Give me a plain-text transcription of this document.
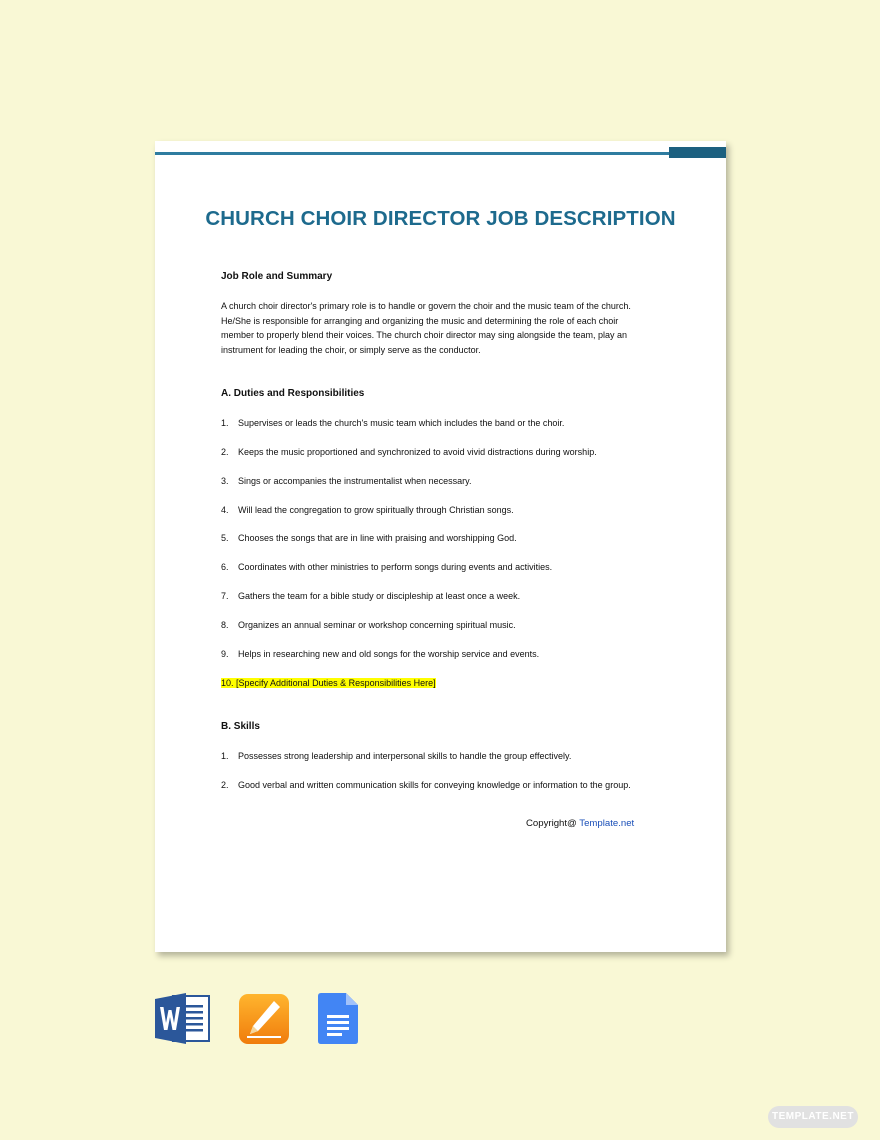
CHURCH CHOIR DIRECTOR JOB DESCRIPTION
Job Role and Summary
A church choir director's primary role is to handle or govern the choir and the music team of the church.
He/She is responsible for arranging and organizing the music and determining the role of each choir
member to properly blend their voices. The church choir director may sing alongside the team, play an
instrument for leading the choir, or simply serve as the conductor.
A. Duties and Responsibilities
1. Supervises or leads the church's music team which includes the band or the choir.
2. Keeps the music proportioned and synchronized to avoid vivid distractions during worship.
3. Sings or accompanies the instrumentalist when necessary.
4. Will lead the congregation to grow spiritually through Christian songs.
5. Chooses the songs that are in line with praising and worshipping God.
6. Coordinates with other ministries to perform songs during events and activities.
7. Gathers the team for a bible study or discipleship at least once a week.
8. Organizes an annual seminar or workshop concerning spiritual music.
9. Helps in researching new and old songs for the worship service and events.
10. [Specify Additional Duties & Responsibilities Here]
B. Skills
1. Possesses strong leadership and interpersonal skills to handle the group effectively.
2. Good verbal and written communication skills for conveying knowledge or information to the group.
Copyright@ Template.net
TEMPLATE.NET
